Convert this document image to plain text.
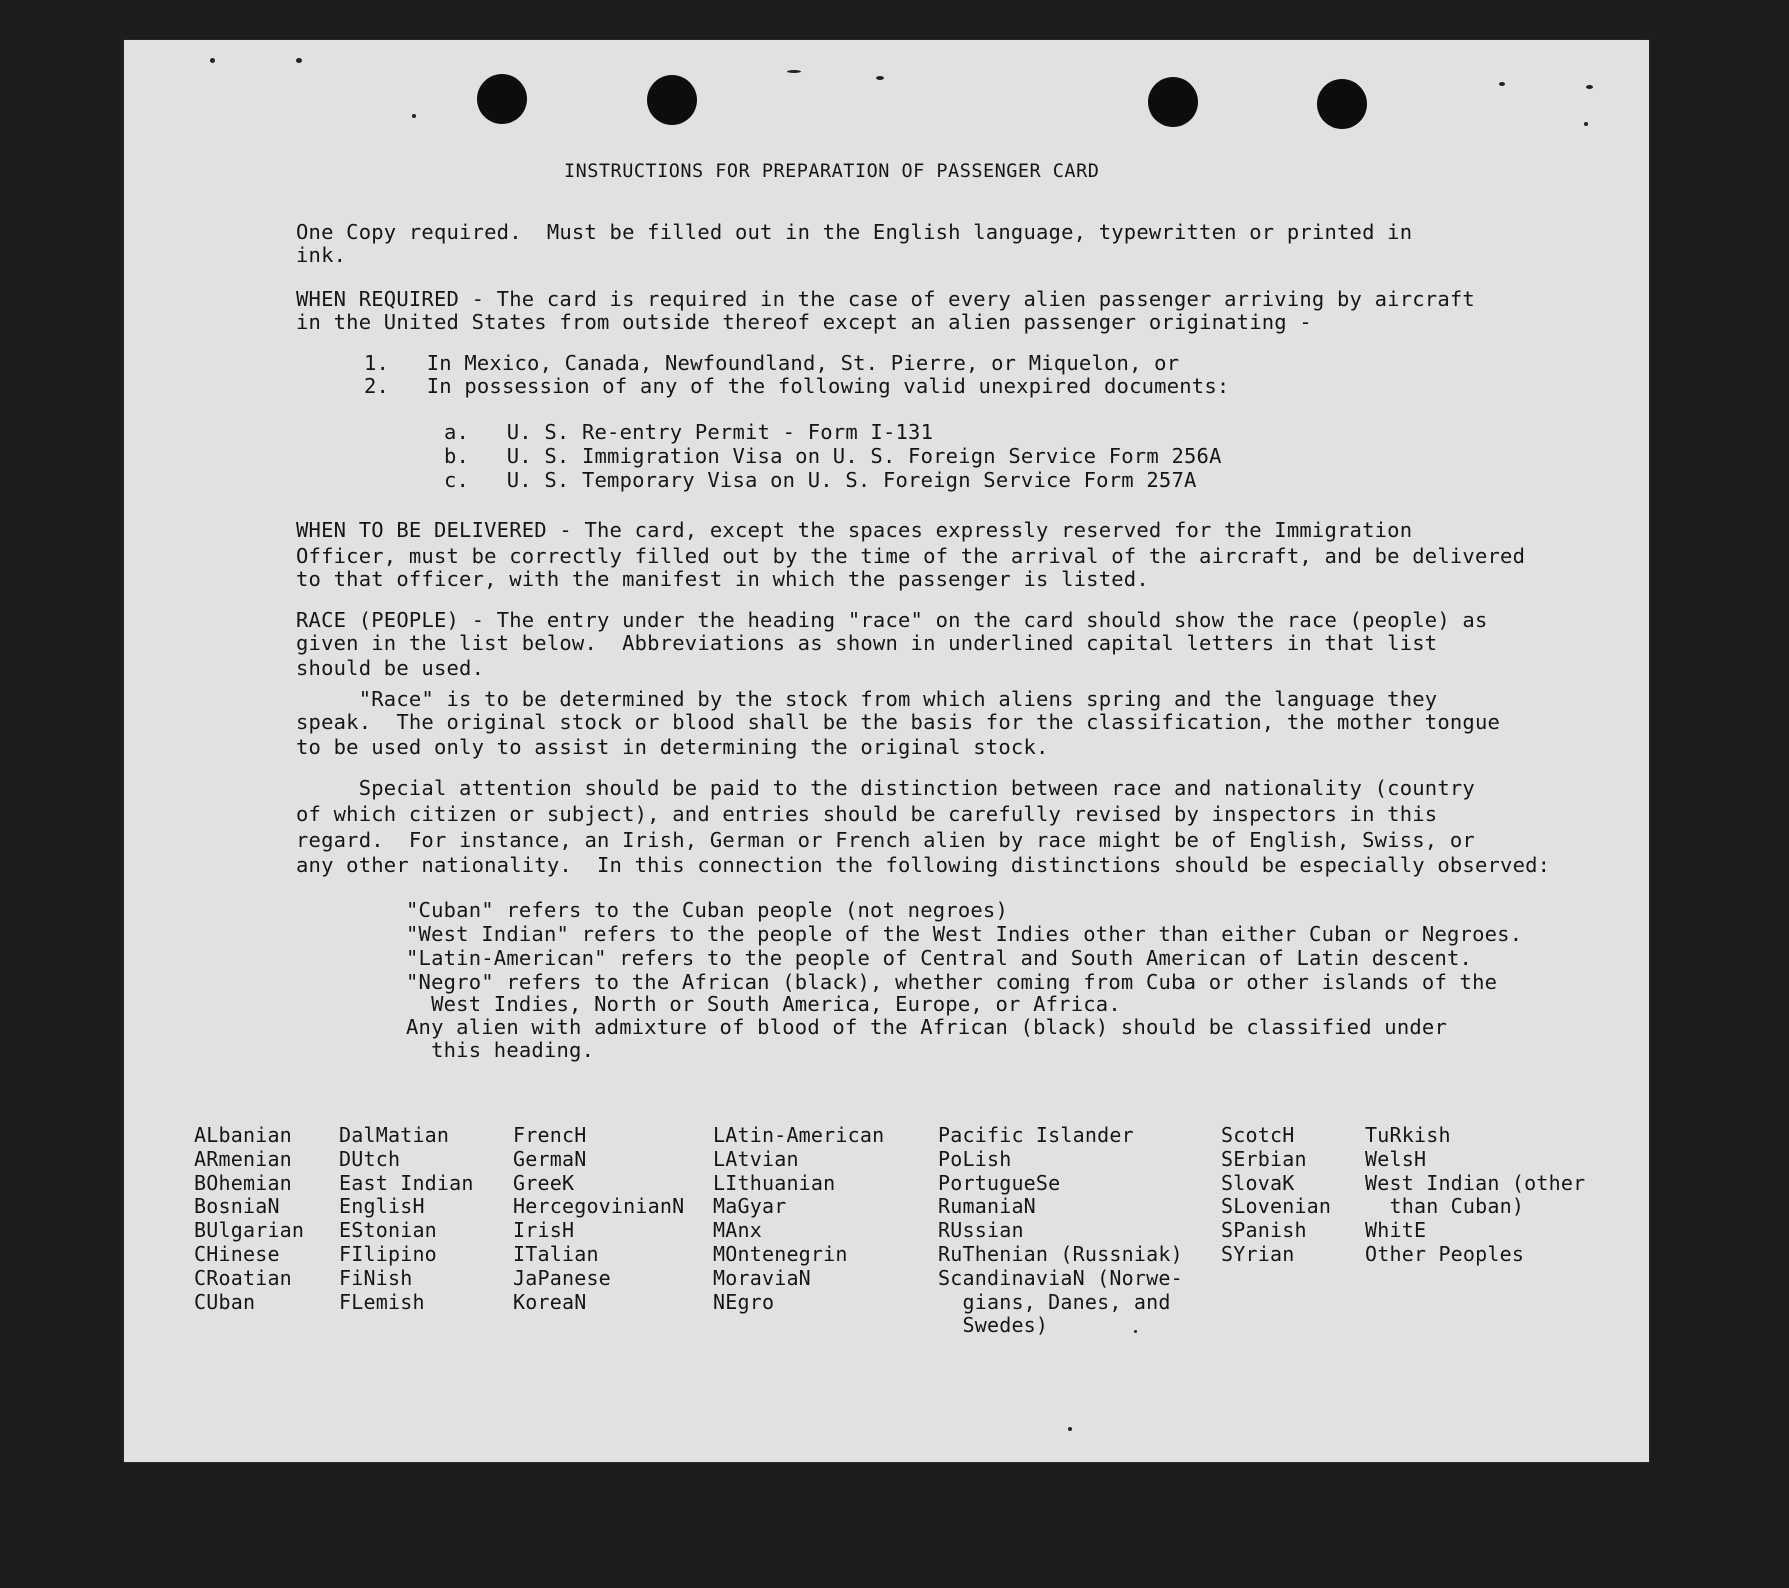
INSTRUCTIONS FOR PREPARATION OF PASSENGER CARD

One Copy required.  Must be filled out in the English language, typewritten or printed in

ink.

WHEN REQUIRED - The card is required in the case of every alien passenger arriving by aircraft

in the United States from outside thereof except an alien passenger originating -

1.   In Mexico, Canada, Newfoundland, St. Pierre, or Miquelon, or

2.   In possession of any of the following valid unexpired documents:

a.   U. S. Re-entry Permit - Form I-131

b.   U. S. Immigration Visa on U. S. Foreign Service Form 256A

c.   U. S. Temporary Visa on U. S. Foreign Service Form 257A

WHEN TO BE DELIVERED - The card, except the spaces expressly reserved for the Immigration

Officer, must be correctly filled out by the time of the arrival of the aircraft, and be delivered

to that officer, with the manifest in which the passenger is listed.

RACE (PEOPLE) - The entry under the heading "race" on the card should show the race (people) as

given in the list below.  Abbreviations as shown in underlined capital letters in that list

should be used.

"Race" is to be determined by the stock from which aliens spring and the language they

speak.  The original stock or blood shall be the basis for the classification, the mother tongue

to be used only to assist in determining the original stock.

Special attention should be paid to the distinction between race and nationality (country

of which citizen or subject), and entries should be carefully revised by inspectors in this

regard.  For instance, an Irish, German or French alien by race might be of English, Swiss, or

any other nationality.  In this connection the following distinctions should be especially observed:

"Cuban" refers to the Cuban people (not negroes)

"West Indian" refers to the people of the West Indies other than either Cuban or Negroes.

"Latin-American" refers to the people of Central and South American of Latin descent.

"Negro" refers to the African (black), whether coming from Cuba or other islands of the

West Indies, North or South America, Europe, or Africa.

Any alien with admixture of blood of the African (black) should be classified under

this heading.

ALbanian
ARmenian
BOhemian
BosniaN
BUlgarian
CHinese
CRoatian
CUban
DalMatian
DUtch
East Indian
EnglisH
EStonian
FIlipino
FiNish
FLemish
FrencH
GermaN
GreeK
HercegovinianN
IrisH
ITalian
JaPanese
KoreaN
LAtin-American
LAtvian
LIthuanian
MaGyar
MAnx
MOntenegrin
MoraviaN
NEgro
Pacific Islander
PoLish
PortugueSe
RumaniaN
RUssian
RuThenian (Russniak)
ScandinaviaN (Norwe-
gians, Danes, and
Swedes)
ScotcH
SErbian
SlovaK
SLovenian
SPanish
SYrian
TuRkish
WelsH
West Indian (other
than Cuban)
WhitE
Other Peoples
